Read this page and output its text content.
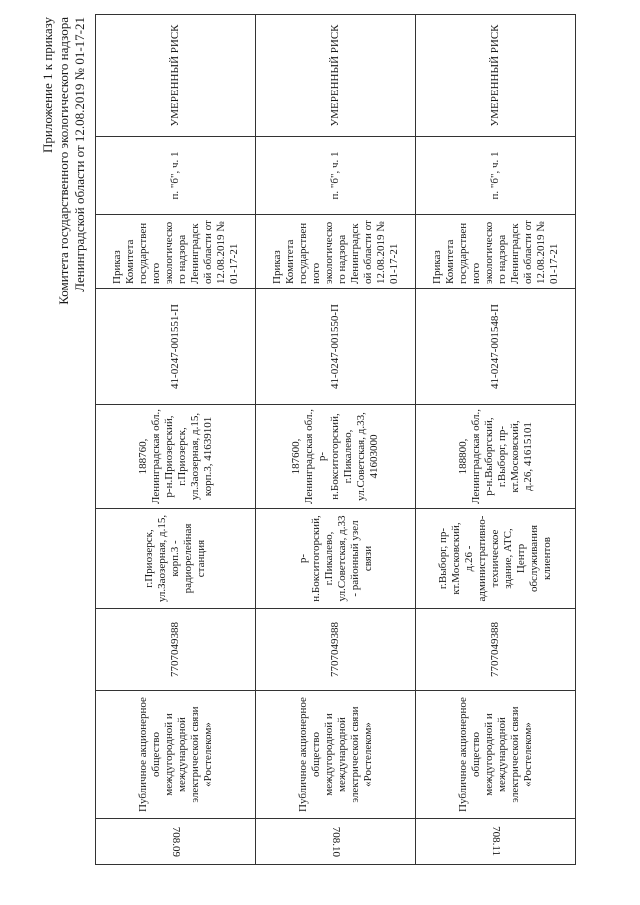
Приложение 1 к приказу Комитета государственного экологического надзора Ленинградской области от 12.08.2019 № 01-17-21
708.09	Публичное акционерное общество междугородной и международной электрической связи «Ростелеком»	7707049388	г.Приозерск, ул.Заозерная, д.15, корп.3 - радиорелейная станция	188760, Ленинградская обл., р-н.Приозерский, г.Приозерск, ул.Заозерная, д.15, корп.3, 41639101	41-0247-001551-П	Приказ Комитета государственного экологического надзора Ленинградской области от 12.08.2019 № 01-17-21	п. "б", ч. 1	УМЕРЕННЫЙ РИСК
708.10	Публичное акционерное общество междугородной и международной электрической связи «Ростелеком»	7707049388	р-н.Бокситогорский, г.Пикалево, ул.Советская, д.33 - районный узел связи	187600, Ленинградская обл., р-н.Бокситогорский, г.Пикалево, ул.Советская, д.33, 41603000	41-0247-001550-П	Приказ Комитета государственного экологического надзора Ленинградской области от 12.08.2019 № 01-17-21	п. "б", ч. 1	УМЕРЕННЫЙ РИСК
708.11	Публичное акционерное общество междугородной и международной электрической связи «Ростелеком»	7707049388	г.Выборг, пр-кт.Московский, д.26 - административно-техническое здание, АТС, Центр обслуживания клиентов	188800, Ленинградская обл., р-н.Выборгский, г.Выборг, пр-кт.Московский, д.26, 41615101	41-0247-001548-П	Приказ Комитета государственного экологического надзора Ленинградской области от 12.08.2019 № 01-17-21	п. "б", ч. 1	УМЕРЕННЫЙ РИСК
